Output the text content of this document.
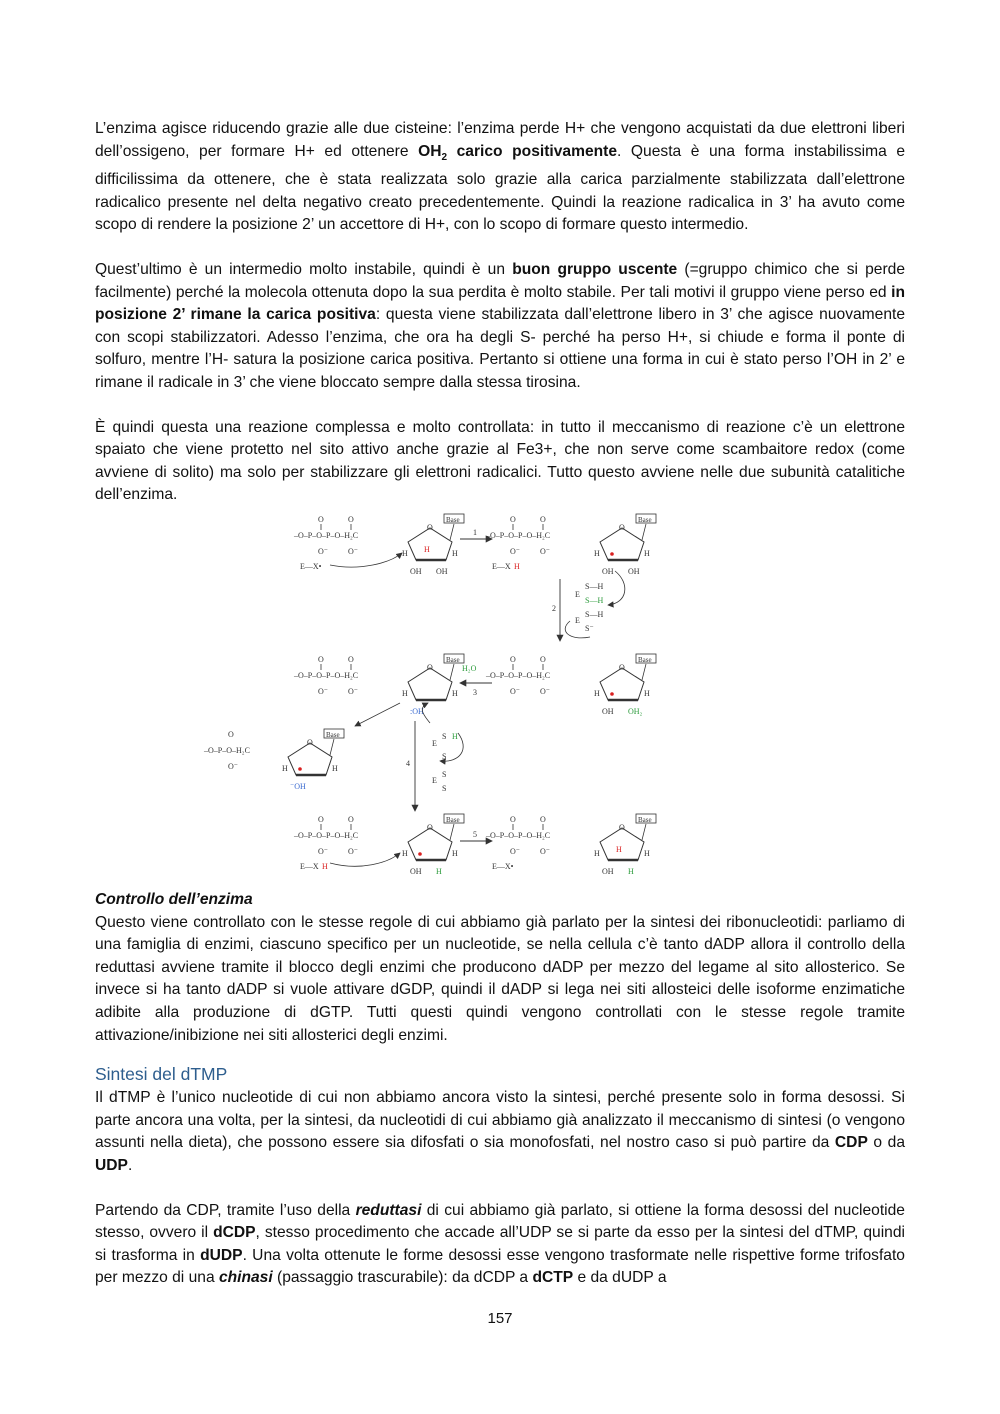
L’enzima agisce riducendo grazie alle due cisteine: l’enzima perde H+ che vengono acquistati da due elettroni liberi dell’ossigeno, per formare H+ ed ottenere $OH_2$ carico positivamente. Questa è una forma instabilissima e difficilissima da ottenere, che è stata realizzata solo grazie alla carica parzialmente stabilizzata dall’elettrone radicalico presente nel delta negativo creato precedentemente. Quindi la reazione radicalica in 3’ ha avuto come scopo di rendere la posizione 2’ un accettore di H+, con lo scopo di formare questo intermedio.

Quest’ultimo è un intermedio molto instabile, quindi è un buon gruppo uscente (=gruppo chimico che si perde facilmente) perché la molecola ottenuta dopo la sua perdita è molto stabile. Per tali motivi il gruppo viene perso ed in posizione 2’ rimane la carica positiva: questa viene stabilizzata dall’elettrone libero in 3’ che agisce nuovamente con scopi stabilizzatori. Adesso l’enzima, che ora ha degli S- perché ha perso H+, si chiude e forma il ponte di solfuro, mentre l’H- satura la posizione carica positiva. Pertanto si ottiene una forma in cui è stato perso l’OH in 2’ e rimane il radicale in 3’ che viene bloccato sempre dalla stessa tirosina.

È quindi questa una reazione complessa e molto controllata: in tutto il meccanismo di reazione c’è un elettrone spaiato che viene protetto nel sito attivo anche grazie al Fe3+, che non serve come scambaitore redox (come avviene di solito) ma solo per stabilizzare gli elettroni radicalici. Tutto questo avviene nelle due subunità catalitiche dell’enzima.

–O–P–O–P–O–H₂C
O	O
O⁻	O⁻
O
Base
H	H
H
OH OH
E—X•
1 –O–P–O–P–O–H₂C
O	O
O⁻	O⁻
O
Base
H	H
OH OH
E—X H
2
E
S—H
S—H
E
S—H
S⁻
–O–P–O–P–O–H₂C
O	O
O⁻	O⁻
O
Base
H	H
:OH
H₂O
3
–O–P–O–P–O–H₂C
O	O
O⁻	O⁻
O
Base
H	H
OH OH₂
–O–P–O–H₂C
O
O⁻
O
Base
H	H
⁻OH
4
E
S H
S
E
S
S
–O–P–O–P–O–H₂C
O	O
O⁻	O⁻
O
Base
H	H
OH H
E—X H
5 –O–P–O–P–O–H₂C
O	O
O⁻	O⁻
O
Base
H	H
H
OH H
E—X•
Controllo dell’enzima

Questo viene controllato con le stesse regole di cui abbiamo già parlato per la sintesi dei ribonucleotidi: parliamo di una famiglia di enzimi, ciascuno specifico per un nucleotide, se nella cellula c’è tanto dADP allora il controllo della reduttasi avviene tramite il blocco degli enzimi che producono dADP per mezzo del legame al sito allosterico. Se invece si ha tanto dADP si vuole attivare dGDP, quindi il dADP si lega nei siti allosteici delle isoforme enzimatiche adibite alla produzione di dGTP. Tutti questi quindi vengono controllati con le stesse regole tramite attivazione/inibizione nei siti allosterici degli enzimi.

Sintesi del dTMP

Il dTMP è l’unico nucleotide di cui non abbiamo ancora visto la sintesi, perché presente solo in forma desossi. Si parte ancora una volta, per la sintesi, da nucleotidi di cui abbiamo già analizzato il meccanismo di sintesi (o vengono assunti nella dieta), che possono essere sia difosfati o sia monofosfati, nel nostro caso si può partire da CDP o da UDP.

Partendo da CDP, tramite l’uso della reduttasi di cui abbiamo già parlato, si ottiene la forma desossi del nucleotide stesso, ovvero il dCDP, stesso procedimento che accade all’UDP se si parte da esso per la sintesi del dTMP, quindi si trasforma in dUDP. Una volta ottenute le forme desossi esse vengono trasformate nelle rispettive forme trifosfato per mezzo di una chinasi (passaggio trascurabile): da dCDP a dCTP e da dUDP a

157
